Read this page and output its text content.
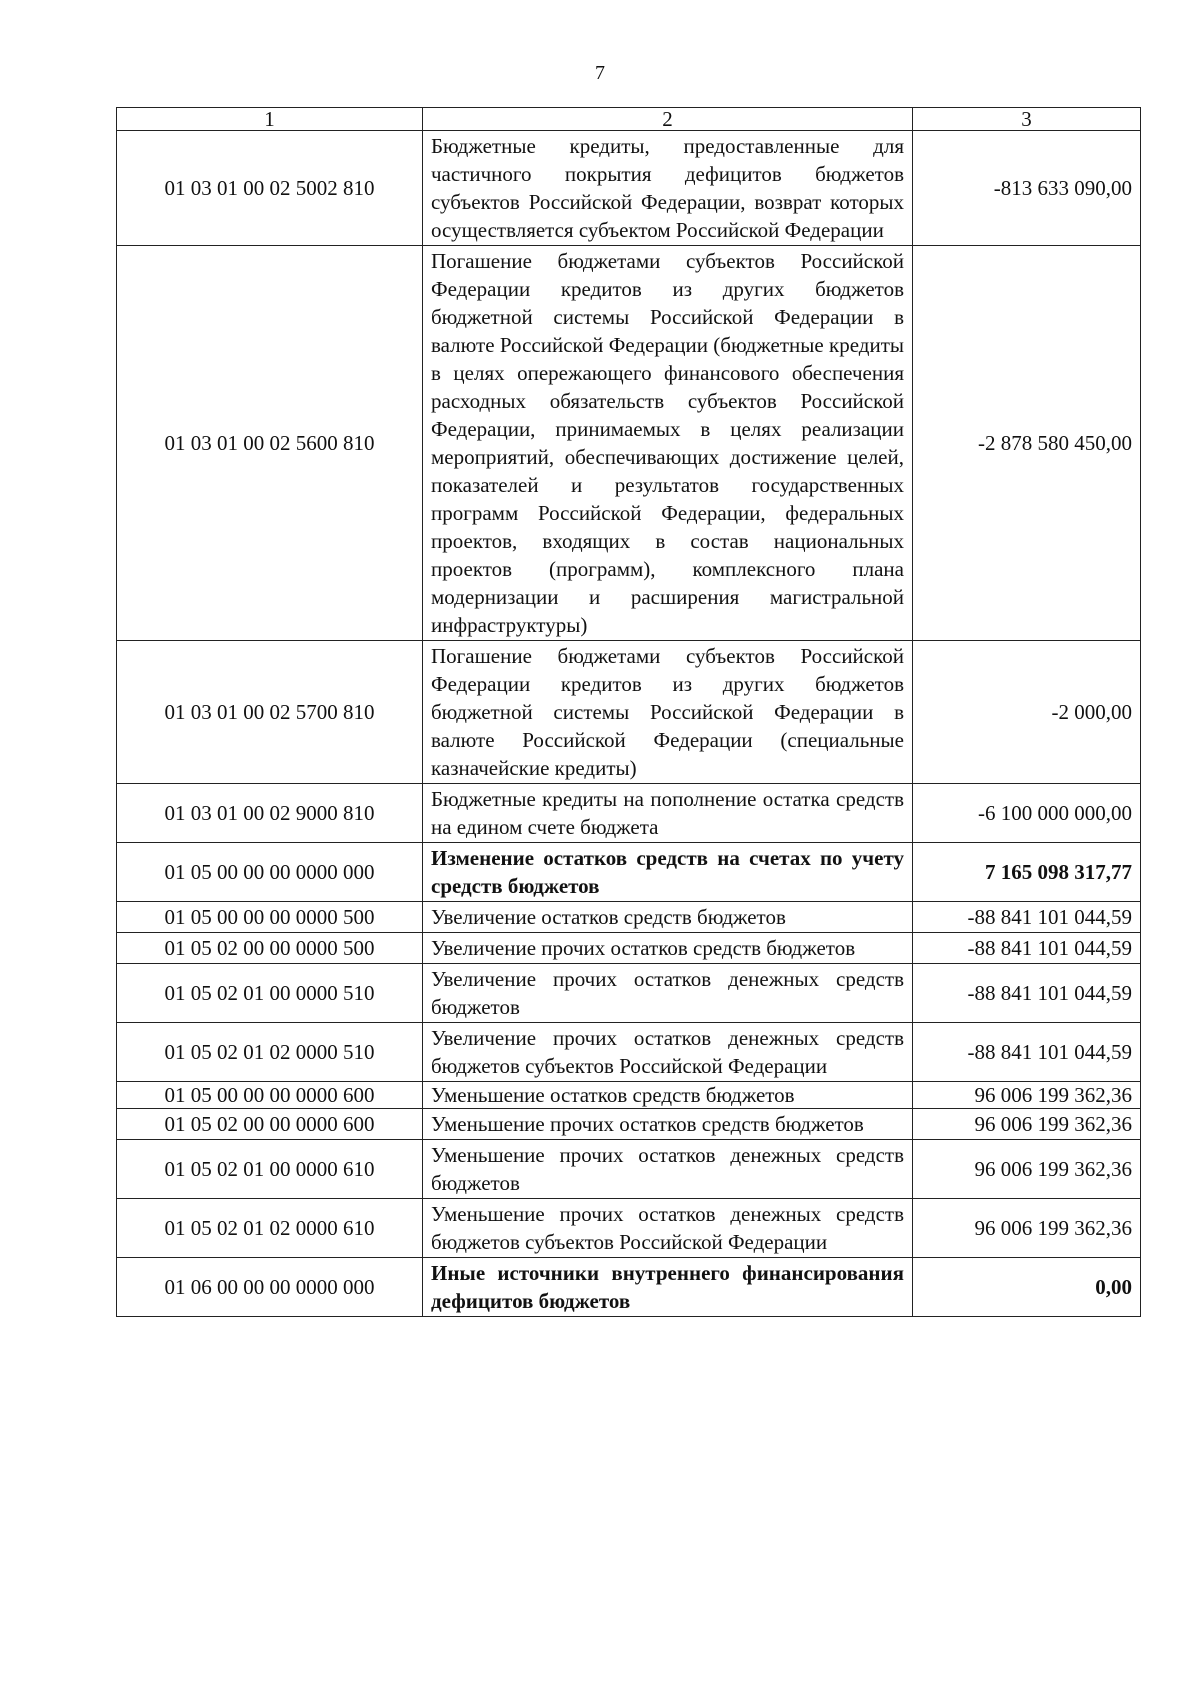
7
1	2	3
01 03 01 00 02 5002 810	Бюджетные кредиты, предоставленные для частичного покрытия дефицитов бюджетов субъектов Российской Федерации, возврат которых осуществляется субъектом Российской Федерации	-813 633 090,00
01 03 01 00 02 5600 810	Погашение бюджетами субъектов Российской Федерации кредитов из других бюджетов бюджетной системы Российской Федерации в валюте Российской Федерации (бюджетные кредиты в целях опережающего финансового обеспечения расходных обязательств субъектов Российской Федерации, принимаемых в целях реализации мероприятий, обеспечивающих достижение целей, показателей и результатов государственных программ Российской Федерации, федеральных проектов, входящих в состав национальных проектов (программ), комплексного плана модернизации и расширения магистральной инфраструктуры)	-2 878 580 450,00
01 03 01 00 02 5700 810	Погашение бюджетами субъектов Российской Федерации кредитов из других бюджетов бюджетной системы Российской Федерации в валюте Российской Федерации (специальные казначейские кредиты)	-2 000,00
01 03 01 00 02 9000 810	Бюджетные кредиты на пополнение остатка средств на едином счете бюджета	-6 100 000 000,00
01 05 00 00 00 0000 000	Изменение остатков средств на счетах по учету средств бюджетов	7 165 098 317,77
01 05 00 00 00 0000 500	Увеличение остатков средств бюджетов	-88 841 101 044,59
01 05 02 00 00 0000 500	Увеличение прочих остатков средств бюджетов	-88 841 101 044,59
01 05 02 01 00 0000 510	Увеличение прочих остатков денежных средств бюджетов	-88 841 101 044,59
01 05 02 01 02 0000 510	Увеличение прочих остатков денежных средств бюджетов субъектов Российской Федерации	-88 841 101 044,59
01 05 00 00 00 0000 600	Уменьшение остатков средств бюджетов	96 006 199 362,36
01 05 02 00 00 0000 600	Уменьшение прочих остатков средств бюджетов	96 006 199 362,36
01 05 02 01 00 0000 610	Уменьшение прочих остатков денежных средств бюджетов	96 006 199 362,36
01 05 02 01 02 0000 610	Уменьшение прочих остатков денежных средств бюджетов субъектов Российской Федерации	96 006 199 362,36
01 06 00 00 00 0000 000	Иные источники внутреннего финансирования дефицитов бюджетов	0,00
